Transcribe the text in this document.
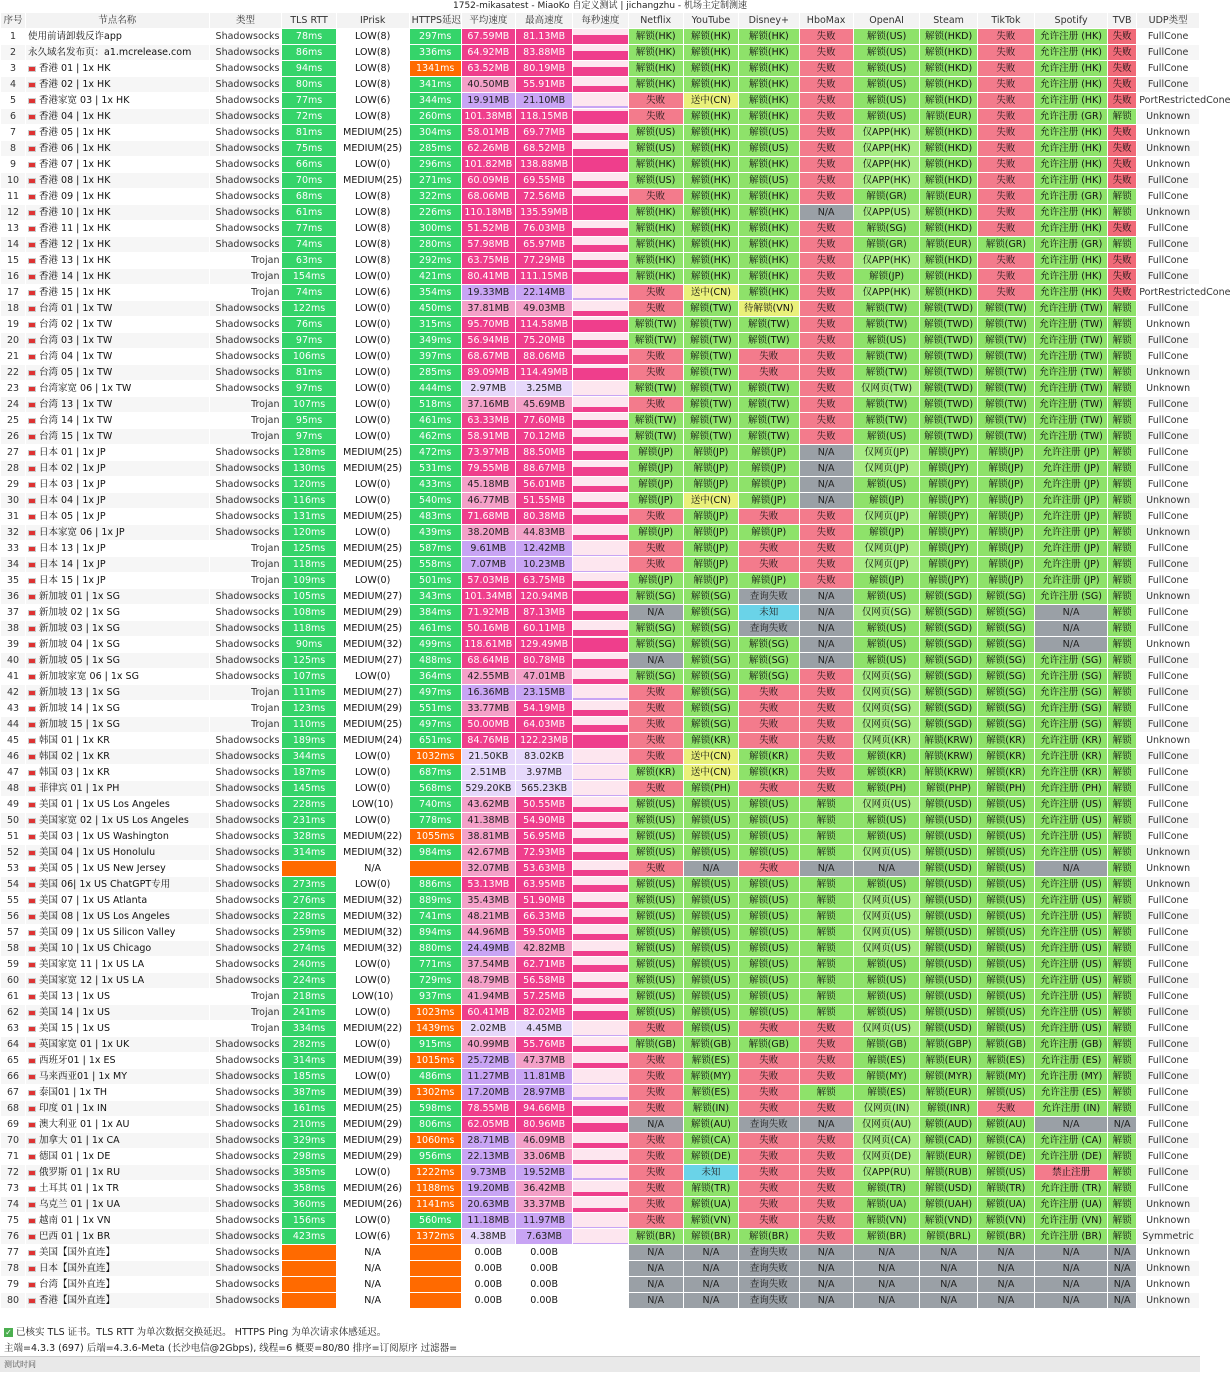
1752-mikasatest - MiaoKo 自定义测试 | jichangzhu - 机场主定制测速
序号	节点名称	类型	TLS RTT	IPrisk	HTTPS延迟	平均速度	最高速度	每秒速度	Netflix	YouTube	Disney+	HboMax	OpenAI	Steam	TikTok	Spotify	TVB	UDP类型
1	使用前请卸载反诈app	Shadowsocks	78ms	LOW(8)	297ms	67.59MB	81.13MB		解锁(HK)	解锁(HK)	解锁(HK)	失败	解锁(US)	解锁(HKD)	失败	允许注册 (HK)	失败	FullCone
2	永久域名发布页：a1.mcrelease.com	Shadowsocks	86ms	LOW(8)	336ms	64.92MB	83.88MB		解锁(HK)	解锁(HK)	解锁(HK)	失败	解锁(US)	解锁(HKD)	失败	允许注册 (HK)	失败	FullCone
3	香港 01 | 1x HK	Shadowsocks	94ms	LOW(8)	1341ms	63.52MB	80.19MB		解锁(HK)	解锁(HK)	解锁(HK)	失败	解锁(US)	解锁(HKD)	失败	允许注册 (HK)	失败	FullCone
4	香港 02 | 1x HK	Shadowsocks	80ms	LOW(8)	341ms	40.50MB	55.91MB		解锁(HK)	解锁(HK)	解锁(HK)	失败	解锁(US)	解锁(HKD)	失败	允许注册 (HK)	失败	FullCone
5	香港家宽 03 | 1x HK	Shadowsocks	77ms	LOW(6)	344ms	19.91MB	21.10MB		失败	送中(CN)	解锁(HK)	失败	解锁(US)	解锁(HKD)	失败	允许注册 (HK)	失败	PortRestrictedCone
6	香港 04 | 1x HK	Shadowsocks	72ms	LOW(8)	260ms	101.38MB	118.15MB		失败	解锁(HK)	解锁(HK)	失败	解锁(US)	解锁(EUR)	失败	允许注册 (GR)	解锁	Unknown
7	香港 05 | 1x HK	Shadowsocks	81ms	MEDIUM(25)	304ms	58.01MB	69.77MB		解锁(US)	解锁(HK)	解锁(US)	失败	仅APP(HK)	解锁(HKD)	失败	允许注册 (HK)	失败	Unknown
8	香港 06 | 1x HK	Shadowsocks	75ms	MEDIUM(25)	285ms	62.26MB	68.52MB		解锁(US)	解锁(HK)	解锁(US)	失败	仅APP(HK)	解锁(HKD)	失败	允许注册 (HK)	失败	Unknown
9	香港 07 | 1x HK	Shadowsocks	66ms	LOW(0)	296ms	101.82MB	138.88MB		解锁(HK)	解锁(HK)	解锁(HK)	失败	仅APP(HK)	解锁(HKD)	失败	允许注册 (HK)	失败	Unknown
10	香港 08 | 1x HK	Shadowsocks	70ms	MEDIUM(25)	271ms	60.09MB	69.55MB		解锁(US)	解锁(HK)	解锁(US)	失败	仅APP(HK)	解锁(HKD)	失败	允许注册 (HK)	失败	FullCone
11	香港 09 | 1x HK	Shadowsocks	68ms	LOW(8)	322ms	68.06MB	72.56MB		失败	解锁(HK)	解锁(HK)	失败	解锁(GR)	解锁(EUR)	失败	允许注册 (GR)	解锁	FullCone
12	香港 10 | 1x HK	Shadowsocks	61ms	LOW(8)	226ms	110.18MB	135.59MB		解锁(HK)	解锁(HK)	解锁(HK)	N/A	仅APP(US)	解锁(HKD)	失败	允许注册 (HK)	解锁	Unknown
13	香港 11 | 1x HK	Shadowsocks	77ms	LOW(8)	300ms	51.52MB	76.03MB		解锁(HK)	解锁(HK)	解锁(HK)	失败	解锁(SG)	解锁(HKD)	失败	允许注册 (HK)	失败	FullCone
14	香港 12 | 1x HK	Shadowsocks	74ms	LOW(8)	280ms	57.98MB	65.97MB		解锁(HK)	解锁(HK)	解锁(HK)	失败	解锁(GR)	解锁(EUR)	解锁(GR)	允许注册 (GR)	解锁	FullCone
15	香港 13 | 1x HK	Trojan	63ms	LOW(8)	292ms	63.75MB	77.29MB		解锁(HK)	解锁(HK)	解锁(HK)	失败	仅APP(HK)	解锁(HKD)	失败	允许注册 (HK)	失败	FullCone
16	香港 14 | 1x HK	Trojan	154ms	LOW(0)	421ms	80.41MB	111.15MB		解锁(HK)	解锁(HK)	解锁(HK)	失败	解锁(JP)	解锁(HKD)	失败	允许注册 (HK)	失败	FullCone
17	香港 15 | 1x HK	Trojan	74ms	LOW(6)	354ms	19.33MB	22.14MB		失败	送中(CN)	解锁(HK)	失败	仅APP(HK)	解锁(HKD)	失败	允许注册 (HK)	失败	PortRestrictedCone
18	台湾 01 | 1x TW	Shadowsocks	122ms	LOW(0)	450ms	37.81MB	49.03MB		失败	解锁(TW)	待解锁(VN)	失败	解锁(TW)	解锁(TWD)	解锁(TW)	允许注册 (TW)	解锁	FullCone
19	台湾 02 | 1x TW	Shadowsocks	76ms	LOW(0)	315ms	95.70MB	114.58MB		解锁(TW)	解锁(TW)	解锁(TW)	失败	解锁(TW)	解锁(TWD)	解锁(TW)	允许注册 (TW)	解锁	Unknown
20	台湾 03 | 1x TW	Shadowsocks	97ms	LOW(0)	349ms	56.94MB	75.20MB		解锁(TW)	解锁(TW)	解锁(TW)	失败	解锁(US)	解锁(TWD)	解锁(TW)	允许注册 (TW)	解锁	FullCone
21	台湾 04 | 1x TW	Shadowsocks	106ms	LOW(0)	397ms	68.67MB	88.06MB		失败	解锁(TW)	失败	失败	解锁(TW)	解锁(TWD)	解锁(TW)	允许注册 (TW)	解锁	FullCone
22	台湾 05 | 1x TW	Shadowsocks	81ms	LOW(0)	285ms	89.09MB	114.49MB		失败	解锁(TW)	失败	失败	解锁(TW)	解锁(TWD)	解锁(TW)	允许注册 (TW)	解锁	Unknown
23	台湾家宽 06 | 1x TW	Shadowsocks	97ms	LOW(0)	444ms	2.97MB	3.25MB		解锁(TW)	解锁(TW)	解锁(TW)	失败	仅网页(TW)	解锁(TWD)	解锁(TW)	允许注册 (TW)	解锁	Unknown
24	台湾 13 | 1x TW	Trojan	107ms	LOW(0)	518ms	37.16MB	45.69MB		失败	解锁(TW)	解锁(TW)	失败	解锁(TW)	解锁(TWD)	解锁(TW)	允许注册 (TW)	解锁	FullCone
25	台湾 14 | 1x TW	Trojan	95ms	LOW(0)	461ms	63.33MB	77.60MB		解锁(TW)	解锁(TW)	解锁(TW)	失败	解锁(TW)	解锁(TWD)	解锁(TW)	允许注册 (TW)	解锁	FullCone
26	台湾 15 | 1x TW	Trojan	97ms	LOW(0)	462ms	58.91MB	70.12MB		解锁(TW)	解锁(TW)	解锁(TW)	失败	解锁(US)	解锁(TWD)	解锁(TW)	允许注册 (TW)	解锁	FullCone
27	日本 01 | 1x JP	Shadowsocks	128ms	MEDIUM(25)	472ms	73.97MB	88.50MB		解锁(JP)	解锁(JP)	解锁(JP)	N/A	仅网页(JP)	解锁(JPY)	解锁(JP)	允许注册 (JP)	解锁	FullCone
28	日本 02 | 1x JP	Shadowsocks	130ms	MEDIUM(25)	531ms	79.55MB	88.67MB		解锁(JP)	解锁(JP)	解锁(JP)	N/A	仅网页(JP)	解锁(JPY)	解锁(JP)	允许注册 (JP)	解锁	FullCone
29	日本 03 | 1x JP	Shadowsocks	120ms	LOW(0)	433ms	45.18MB	56.01MB		解锁(JP)	解锁(JP)	解锁(JP)	N/A	解锁(US)	解锁(JPY)	解锁(JP)	允许注册 (JP)	解锁	FullCone
30	日本 04 | 1x JP	Shadowsocks	116ms	LOW(0)	540ms	46.77MB	51.55MB		解锁(JP)	送中(CN)	解锁(JP)	N/A	解锁(JP)	解锁(JPY)	解锁(JP)	允许注册 (JP)	解锁	Unknown
31	日本 05 | 1x JP	Shadowsocks	131ms	MEDIUM(25)	483ms	71.68MB	80.38MB		失败	解锁(JP)	失败	失败	仅网页(JP)	解锁(JPY)	解锁(JP)	允许注册 (JP)	解锁	FullCone
32	日本家宽 06 | 1x JP	Shadowsocks	120ms	LOW(0)	439ms	38.20MB	44.83MB		解锁(JP)	解锁(JP)	解锁(JP)	失败	解锁(JP)	解锁(JPY)	解锁(JP)	允许注册 (JP)	解锁	Unknown
33	日本 13 | 1x JP	Trojan	125ms	MEDIUM(25)	587ms	9.61MB	12.42MB		失败	解锁(JP)	失败	失败	仅网页(JP)	解锁(JPY)	解锁(JP)	允许注册 (JP)	解锁	FullCone
34	日本 14 | 1x JP	Trojan	118ms	MEDIUM(25)	558ms	7.07MB	10.23MB		失败	解锁(JP)	失败	失败	仅网页(JP)	解锁(JPY)	解锁(JP)	允许注册 (JP)	解锁	FullCone
35	日本 15 | 1x JP	Trojan	109ms	LOW(0)	501ms	57.03MB	63.75MB		解锁(JP)	解锁(JP)	解锁(JP)	失败	解锁(JP)	解锁(JPY)	解锁(JP)	允许注册 (JP)	解锁	FullCone
36	新加坡 01 | 1x SG	Shadowsocks	105ms	MEDIUM(27)	343ms	101.34MB	120.94MB		解锁(SG)	解锁(SG)	查询失败	N/A	解锁(US)	解锁(SGD)	解锁(SG)	允许注册 (SG)	解锁	Unknown
37	新加坡 02 | 1x SG	Shadowsocks	108ms	MEDIUM(29)	384ms	71.92MB	87.13MB		N/A	解锁(SG)	未知	N/A	仅网页(SG)	解锁(SGD)	解锁(SG)	N/A	解锁	FullCone
38	新加坡 03 | 1x SG	Shadowsocks	118ms	MEDIUM(25)	461ms	50.16MB	60.11MB		解锁(SG)	解锁(SG)	查询失败	N/A	解锁(US)	解锁(SGD)	解锁(SG)	N/A	解锁	FullCone
39	新加坡 04 | 1x SG	Shadowsocks	90ms	MEDIUM(32)	499ms	118.61MB	129.49MB		解锁(SG)	解锁(SG)	解锁(SG)	N/A	解锁(US)	解锁(SGD)	解锁(SG)	N/A	解锁	Unknown
40	新加坡 05 | 1x SG	Shadowsocks	125ms	MEDIUM(27)	488ms	68.64MB	80.78MB		N/A	解锁(SG)	解锁(SG)	N/A	解锁(US)	解锁(SGD)	解锁(SG)	允许注册 (SG)	解锁	FullCone
41	新加坡家宽 06 | 1x SG	Shadowsocks	107ms	LOW(0)	364ms	42.55MB	47.01MB		解锁(SG)	解锁(SG)	解锁(SG)	失败	仅网页(SG)	解锁(SGD)	解锁(SG)	允许注册 (SG)	解锁	FullCone
42	新加坡 13 | 1x SG	Trojan	111ms	MEDIUM(27)	497ms	16.36MB	23.15MB		失败	解锁(SG)	失败	失败	仅网页(SG)	解锁(SGD)	解锁(SG)	允许注册 (SG)	解锁	FullCone
43	新加坡 14 | 1x SG	Trojan	123ms	MEDIUM(29)	551ms	33.77MB	54.19MB		失败	解锁(SG)	失败	失败	仅网页(SG)	解锁(SGD)	解锁(SG)	允许注册 (SG)	解锁	FullCone
44	新加坡 15 | 1x SG	Trojan	110ms	MEDIUM(25)	497ms	50.00MB	64.03MB		失败	解锁(SG)	失败	失败	仅网页(SG)	解锁(SGD)	解锁(SG)	允许注册 (SG)	解锁	FullCone
45	韩国 01 | 1x KR	Shadowsocks	189ms	MEDIUM(24)	651ms	84.76MB	122.23MB		失败	解锁(KR)	失败	失败	仅网页(KR)	解锁(KRW)	解锁(KR)	允许注册 (KR)	解锁	Unknown
46	韩国 02 | 1x KR	Shadowsocks	344ms	LOW(0)	1032ms	21.50KB	83.02KB		失败	送中(CN)	解锁(KR)	失败	解锁(KR)	解锁(KRW)	解锁(KR)	允许注册 (KR)	解锁	FullCone
47	韩国 03 | 1x KR	Shadowsocks	187ms	LOW(0)	687ms	2.51MB	3.97MB		解锁(KR)	送中(CN)	解锁(KR)	失败	解锁(KR)	解锁(KRW)	解锁(KR)	允许注册 (KR)	解锁	FullCone
48	菲律宾 01 | 1x PH	Shadowsocks	145ms	LOW(0)	568ms	529.20KB	565.23KB		失败	解锁(PH)	失败	失败	解锁(PH)	解锁(PHP)	解锁(PH)	允许注册 (PH)	解锁	FullCone
49	美国 01 | 1x US Los Angeles	Shadowsocks	228ms	LOW(10)	740ms	43.62MB	50.55MB		解锁(US)	解锁(US)	解锁(US)	解锁	仅网页(US)	解锁(USD)	解锁(US)	允许注册 (US)	解锁	FullCone
50	美国家宽 02 | 1x US Los Angeles	Shadowsocks	231ms	LOW(0)	778ms	41.38MB	54.90MB		解锁(US)	解锁(US)	解锁(US)	解锁	解锁(US)	解锁(USD)	解锁(US)	允许注册 (US)	解锁	FullCone
51	美国 03 | 1x US Washington	Shadowsocks	328ms	MEDIUM(22)	1055ms	38.81MB	56.95MB		解锁(US)	解锁(US)	解锁(US)	解锁	解锁(US)	解锁(USD)	解锁(US)	允许注册 (US)	解锁	FullCone
52	美国 04 | 1x US Honolulu	Shadowsocks	314ms	MEDIUM(32)	984ms	42.67MB	72.93MB		解锁(US)	解锁(US)	解锁(US)	解锁	仅网页(US)	解锁(USD)	解锁(US)	允许注册 (US)	解锁	Unknown
53	美国 05 | 1x US New Jersey	Shadowsocks		N/A		32.07MB	53.63MB		失败	N/A	失败	N/A	N/A	解锁(USD)	解锁(US)	N/A	解锁	Unknown
54	美国 06| 1x US ChatGPT专用	Shadowsocks	273ms	LOW(0)	886ms	53.13MB	63.95MB		解锁(US)	解锁(US)	解锁(US)	解锁	解锁(US)	解锁(USD)	解锁(US)	允许注册 (US)	解锁	Unknown
55	美国 07 | 1x US Atlanta	Shadowsocks	276ms	MEDIUM(32)	889ms	35.43MB	51.90MB		解锁(US)	解锁(US)	解锁(US)	解锁	仅网页(US)	解锁(USD)	解锁(US)	允许注册 (US)	解锁	FullCone
56	美国 08 | 1x US Los Angeles	Shadowsocks	228ms	MEDIUM(32)	741ms	48.21MB	66.33MB		解锁(US)	解锁(US)	解锁(US)	解锁	仅网页(US)	解锁(USD)	解锁(US)	允许注册 (US)	解锁	FullCone
57	美国 09 | 1x US Silicon Valley	Shadowsocks	259ms	MEDIUM(32)	894ms	44.96MB	59.50MB		解锁(US)	解锁(US)	解锁(US)	解锁	仅网页(US)	解锁(USD)	解锁(US)	允许注册 (US)	解锁	FullCone
58	美国 10 | 1x US Chicago	Shadowsocks	274ms	MEDIUM(32)	880ms	24.49MB	42.82MB		解锁(US)	解锁(US)	解锁(US)	解锁	仅网页(US)	解锁(USD)	解锁(US)	允许注册 (US)	解锁	FullCone
59	美国家宽 11 | 1x US LA	Shadowsocks	240ms	LOW(0)	771ms	37.54MB	62.71MB		解锁(US)	解锁(US)	解锁(US)	解锁	解锁(US)	解锁(USD)	解锁(US)	允许注册 (US)	解锁	FullCone
60	美国家宽 12 | 1x US LA	Shadowsocks	224ms	LOW(0)	729ms	48.79MB	56.58MB		解锁(US)	解锁(US)	解锁(US)	解锁	解锁(US)	解锁(USD)	解锁(US)	允许注册 (US)	解锁	FullCone
61	美国 13 | 1x US	Trojan	218ms	LOW(10)	937ms	41.94MB	57.25MB		解锁(US)	解锁(US)	解锁(US)	解锁	解锁(US)	解锁(USD)	解锁(US)	允许注册 (US)	解锁	FullCone
62	美国 14 | 1x US	Trojan	241ms	LOW(0)	1023ms	60.41MB	82.02MB		解锁(US)	解锁(US)	解锁(US)	解锁	解锁(US)	解锁(USD)	解锁(US)	允许注册 (US)	解锁	FullCone
63	美国 15 | 1x US	Trojan	334ms	MEDIUM(22)	1439ms	2.02MB	4.45MB		失败	解锁(US)	失败	失败	仅网页(US)	解锁(USD)	解锁(US)	允许注册 (US)	解锁	FullCone
64	英国家宽 01 | 1x UK	Shadowsocks	282ms	LOW(0)	915ms	40.99MB	55.76MB		解锁(GB)	解锁(GB)	解锁(GB)	失败	解锁(GB)	解锁(GBP)	解锁(GB)	允许注册 (GB)	解锁	FullCone
65	西班牙01 | 1x ES	Shadowsocks	314ms	MEDIUM(39)	1015ms	25.72MB	47.37MB		失败	解锁(ES)	失败	失败	解锁(ES)	解锁(EUR)	解锁(ES)	允许注册 (ES)	解锁	FullCone
66	马来西亚01 | 1x MY	Shadowsocks	185ms	LOW(0)	486ms	11.27MB	11.81MB		失败	解锁(MY)	失败	失败	解锁(MY)	解锁(MYR)	解锁(MY)	允许注册 (MY)	解锁	FullCone
67	泰国01 | 1x TH	Shadowsocks	387ms	MEDIUM(39)	1302ms	17.20MB	28.97MB		失败	解锁(ES)	失败	解锁	解锁(ES)	解锁(EUR)	解锁(US)	允许注册 (ES)	解锁	FullCone
68	印度 01 | 1x IN	Shadowsocks	161ms	MEDIUM(25)	598ms	78.55MB	94.66MB		失败	解锁(IN)	失败	失败	仅网页(IN)	解锁(INR)	失败	允许注册 (IN)	解锁	FullCone
69	澳大利亚 01 | 1x AU	Shadowsocks	210ms	MEDIUM(29)	806ms	62.05MB	80.96MB		N/A	解锁(AU)	查询失败	N/A	仅网页(AU)	解锁(AUD)	解锁(AU)	N/A	N/A	FullCone
70	加拿大 01 | 1x CA	Shadowsocks	329ms	MEDIUM(29)	1060ms	28.71MB	46.09MB		失败	解锁(CA)	失败	失败	仅网页(CA)	解锁(CAD)	解锁(CA)	允许注册 (CA)	解锁	FullCone
71	德国 01 | 1x DE	Shadowsocks	298ms	MEDIUM(29)	956ms	22.13MB	33.06MB		失败	解锁(DE)	失败	失败	仅网页(DE)	解锁(EUR)	解锁(DE)	允许注册 (DE)	解锁	FullCone
72	俄罗斯 01 | 1x RU	Shadowsocks	385ms	LOW(0)	1222ms	9.73MB	19.52MB		失败	未知	失败	失败	仅APP(RU)	解锁(RUB)	解锁(US)	禁止注册	解锁	FullCone
73	土耳其 01 | 1x TR	Shadowsocks	358ms	MEDIUM(26)	1188ms	19.20MB	36.42MB		失败	解锁(TR)	失败	失败	解锁(TR)	解锁(USD)	解锁(TR)	允许注册 (TR)	解锁	FullCone
74	乌克兰 01 | 1x UA	Shadowsocks	360ms	MEDIUM(26)	1141ms	20.63MB	33.37MB		失败	解锁(UA)	失败	失败	解锁(UA)	解锁(UAH)	解锁(UA)	允许注册 (UA)	解锁	Unknown
75	越南 01 | 1x VN	Shadowsocks	156ms	LOW(0)	560ms	11.18MB	11.97MB		失败	解锁(VN)	失败	失败	解锁(VN)	解锁(VND)	解锁(VN)	允许注册 (VN)	解锁	Unknown
76	巴西 01 | 1x BR	Shadowsocks	423ms	LOW(6)	1372ms	4.38MB	7.63MB		解锁(BR)	解锁(BR)	解锁(BR)	失败	解锁(BR)	解锁(BRL)	解锁(BR)	允许注册 (BR)	解锁	Symmetric
77	美国【国外直连】	Shadowsocks		N/A		0.00B	0.00B		N/A	N/A	查询失败	N/A	N/A	N/A	N/A	N/A	N/A	Unknown
78	日本【国外直连】	Shadowsocks		N/A		0.00B	0.00B		N/A	N/A	查询失败	N/A	N/A	N/A	N/A	N/A	N/A	Unknown
79	台湾【国外直连】	Shadowsocks		N/A		0.00B	0.00B		N/A	N/A	查询失败	N/A	N/A	N/A	N/A	N/A	N/A	Unknown
80	香港【国外直连】	Shadowsocks		N/A		0.00B	0.00B		N/A	N/A	查询失败	N/A	N/A	N/A	N/A	N/A	N/A	Unknown
✓ 已核实 TLS 证书。TLS RTT 为单次数据交换延迟。 HTTPS Ping 为单次请求体感延迟。
主端=4.3.3 (697) 后端=4.3.6-Meta (长沙电信@2Gbps), 线程=6 概要=80/80 排序=订阅原序 过滤器=
测试时间
